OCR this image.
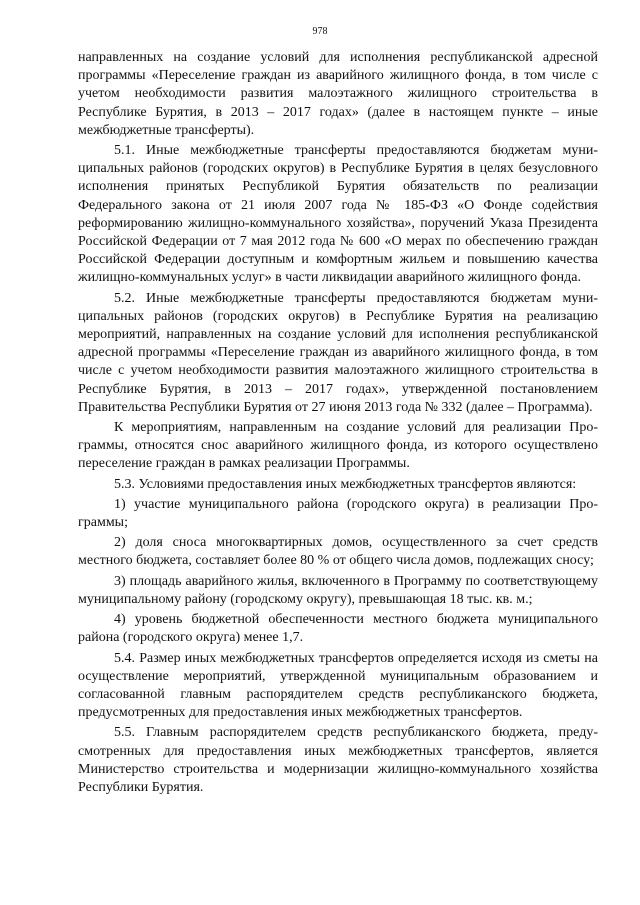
978

направленных на создание условий для исполнения республиканской адресной программы «Переселение граждан из аварийного жилищного фонда, в том числе с учетом необходимости развития малоэтажного жилищного строительства в Республике Бурятия, в 2013 – 2017 годах» (далее в настоящем пункте – иные межбюджетные трансферты).

5.1. Иные межбюджетные трансферты предоставляются бюджетам муниципальных районов (городских округов) в Республике Бурятия в целях безусловного исполнения принятых Республикой Бурятия обязательств по реализации Федерального закона от 21 июля 2007 года № 185-ФЗ «О Фонде содействия реформированию жилищно-коммунального хозяйства», поручений Указа Президента Российской Федерации от 7 мая 2012 года № 600 «О мерах по обеспечению граждан Российской Федерации доступным и комфортным жильем и повышению качества жилищно-коммунальных услуг» в части ликвидации аварийного жилищного фонда.

5.2. Иные межбюджетные трансферты предоставляются бюджетам муниципальных районов (городских округов) в Республике Бурятия на реализацию мероприятий, направленных на создание условий для исполнения республиканской адресной программы «Переселение граждан из аварийного жилищного фонда, в том числе с учетом необходимости развития малоэтажного жилищного строительства в Республике Бурятия, в 2013 – 2017 годах», утвержденной постановлением Правительства Республики Бурятия от 27 июня 2013 года № 332 (далее – Программа).

К мероприятиям, направленным на создание условий для реализации Программы, относятся снос аварийного жилищного фонда, из которого осуществлено переселение граждан в рамках реализации Программы.

5.3. Условиями предоставления иных межбюджетных трансфертов являются:

1) участие муниципального района (городского округа) в реализации Программы;

2) доля сноса многоквартирных домов, осуществленного за счет средств местного бюджета, составляет более 80 % от общего числа домов, подлежащих сносу;

3) площадь аварийного жилья, включенного в Программу по соответствующему муниципальному району (городскому округу), превышающая 18 тыс. кв. м.;

4) уровень бюджетной обеспеченности местного бюджета муниципального района (городского округа) менее 1,7.

5.4. Размер иных межбюджетных трансфертов определяется исходя из сметы на осуществление мероприятий, утвержденной муниципальным образованием и согласованной главным распорядителем средств республиканского бюджета, предусмотренных для предоставления иных межбюджетных трансфертов.

5.5. Главным распорядителем средств республиканского бюджета, предусмотренных для предоставления иных межбюджетных трансфертов, является Министерство строительства и модернизации жилищно-коммунального хозяйства Республики Бурятия.
